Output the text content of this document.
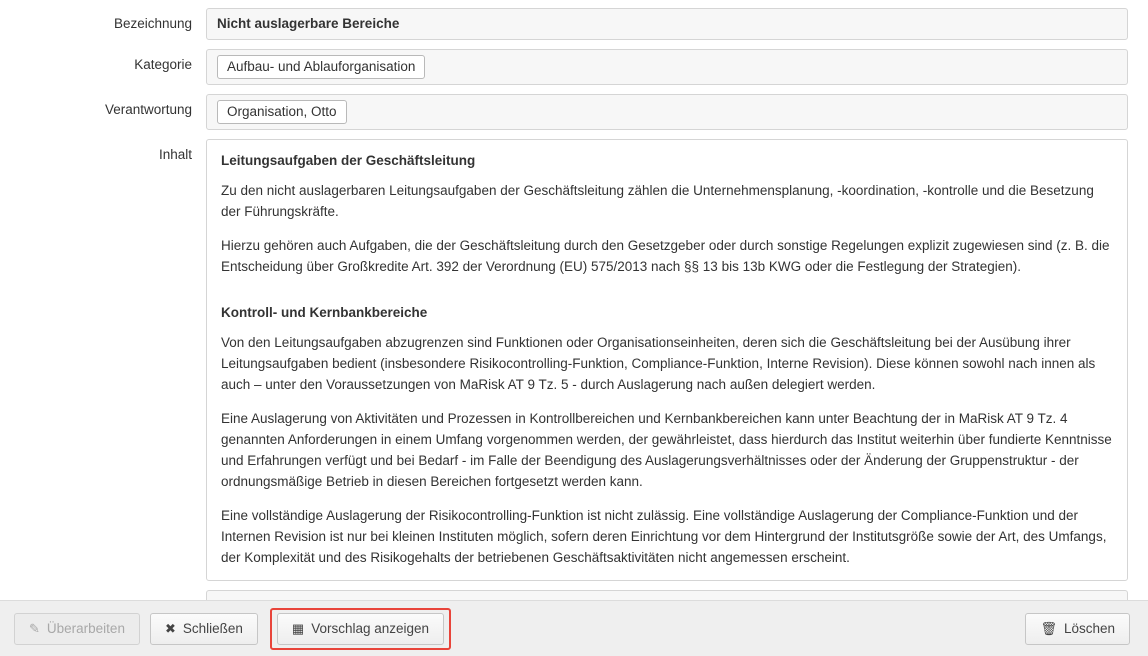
Bezeichnung	Nicht auslagerbare Bereiche
Kategorie	Aufbau- und Ablauforganisation
Verantwortung	Organisation, Otto
Inhalt	Leitungsaufgaben der Geschäftsleitung

Zu den nicht auslagerbaren Leitungsaufgaben der Geschäftsleitung zählen die Unternehmensplanung, -koordination, -kontrolle und die Besetzung der Führungskräfte.

Hierzu gehören auch Aufgaben, die der Geschäftsleitung durch den Gesetzgeber oder durch sonstige Regelungen explizit zugewiesen sind (z. B. die Entscheidung über Großkredite Art. 392 der Verordnung (EU) 575/2013 nach §§ 13 bis 13b KWG oder die Festlegung der Strategien).

Kontroll- und Kernbankbereiche

Von den Leitungsaufgaben abzugrenzen sind Funktionen oder Organisationseinheiten, deren sich die Geschäftsleitung bei der Ausübung ihrer Leitungsaufgaben bedient (insbesondere Risikocontrolling-Funktion, Compliance-Funktion, Interne Revision). Diese können sowohl nach innen als auch – unter den Voraussetzungen von MaRisk AT 9 Tz. 5 - durch Auslagerung nach außen delegiert werden.

Eine Auslagerung von Aktivitäten und Prozessen in Kontrollbereichen und Kernbankbereichen kann unter Beachtung der in MaRisk AT 9 Tz. 4 genannten Anforderungen in einem Umfang vorgenommen werden, der gewährleistet, dass hierdurch das Institut weiterhin über fundierte Kenntnisse und Erfahrungen verfügt und bei Bedarf - im Falle der Beendigung des Auslagerungsverhältnisses oder der Änderung der Gruppenstruktur - der ordnungsmäßige Betrieb in diesen Bereichen fortgesetzt werden kann.

Eine vollständige Auslagerung der Risikocontrolling-Funktion ist nicht zulässig. Eine vollständige Auslagerung der Compliance-Funktion und der Internen Revision ist nur bei kleinen Instituten möglich, sofern deren Einrichtung vor dem Hintergrund der Institutsgröße sowie der Art, des Umfangs, der Komplexität und des Risikogehalts der betriebenen Geschäftsaktivitäten nicht angemessen erscheint.

✎ Überarbeiten	✖ Schließen	▦ Vorschlag anzeigen	🗑 Löschen
